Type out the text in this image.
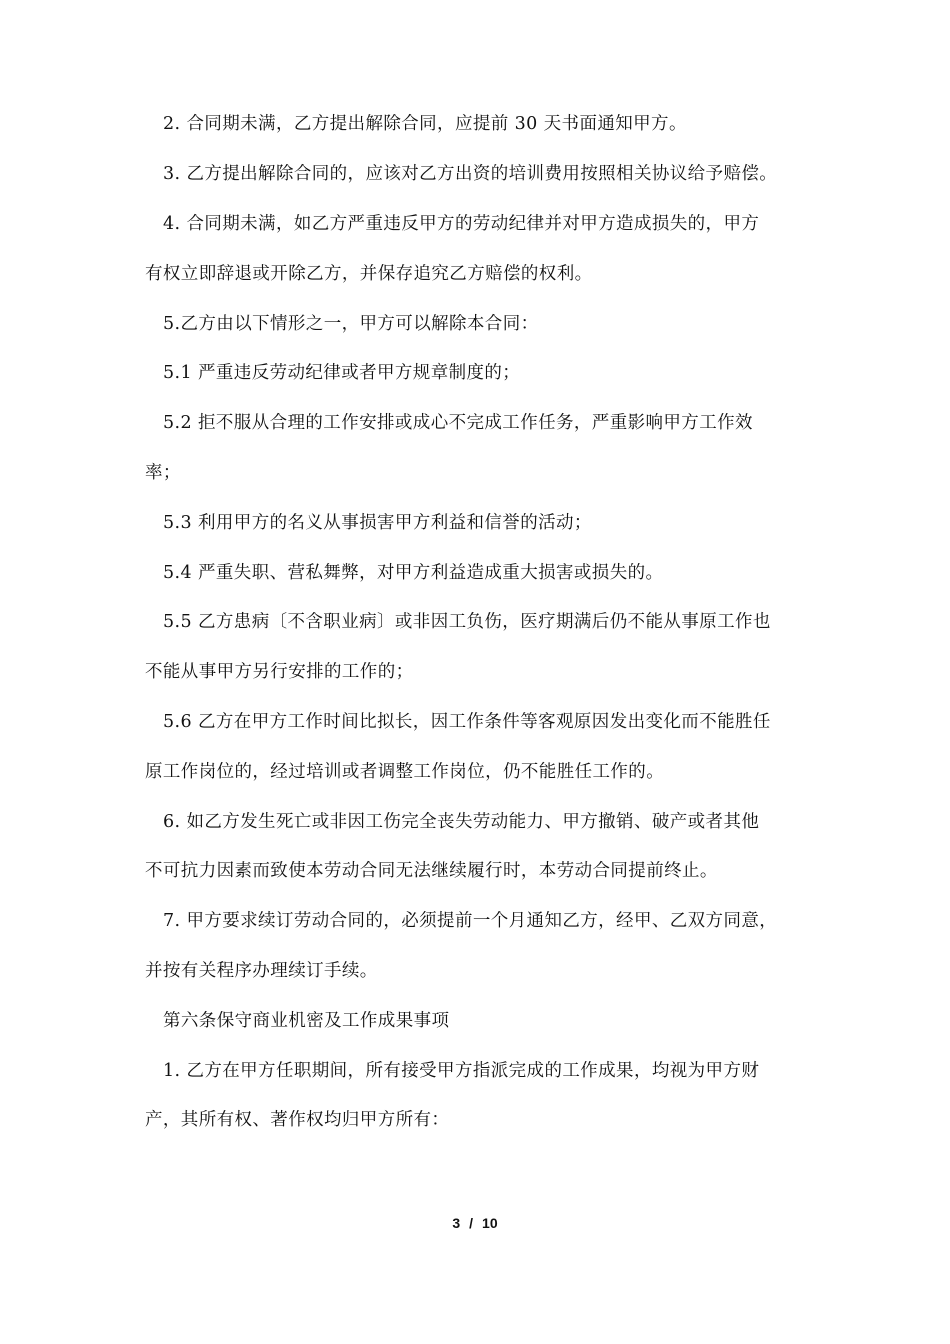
2. 合同期未满，乙方提出解除合同，应提前 30 天书面通知甲方。
3. 乙方提出解除合同的，应该对乙方出资的培训费用按照相关协议给予赔偿。
4. 合同期未满，如乙方严重违反甲方的劳动纪律并对甲方造成损失的，甲方
有权立即辞退或开除乙方，并保存追究乙方赔偿的权利。
5.乙方由以下情形之一，甲方可以解除本合同：
5.1 严重违反劳动纪律或者甲方规章制度的；
5.2 拒不服从合理的工作安排或成心不完成工作任务，严重影响甲方工作效
率；
5.3 利用甲方的名义从事损害甲方利益和信誉的活动；
5.4 严重失职、营私舞弊，对甲方利益造成重大损害或损失的。
5.5 乙方患病〔不含职业病〕或非因工负伤，医疗期满后仍不能从事原工作也
不能从事甲方另行安排的工作的；
5.6 乙方在甲方工作时间比拟长，因工作条件等客观原因发出变化而不能胜任
原工作岗位的，经过培训或者调整工作岗位，仍不能胜任工作的。
6. 如乙方发生死亡或非因工伤完全丧失劳动能力、甲方撤销、破产或者其他
不可抗力因素而致使本劳动合同无法继续履行时，本劳动合同提前终止。
7. 甲方要求续订劳动合同的，必须提前一个月通知乙方，经甲、乙双方同意，
并按有关程序办理续订手续。
第六条保守商业机密及工作成果事项
1. 乙方在甲方任职期间，所有接受甲方指派完成的工作成果，均视为甲方财
产，其所有权、著作权均归甲方所有：
3 / 10
